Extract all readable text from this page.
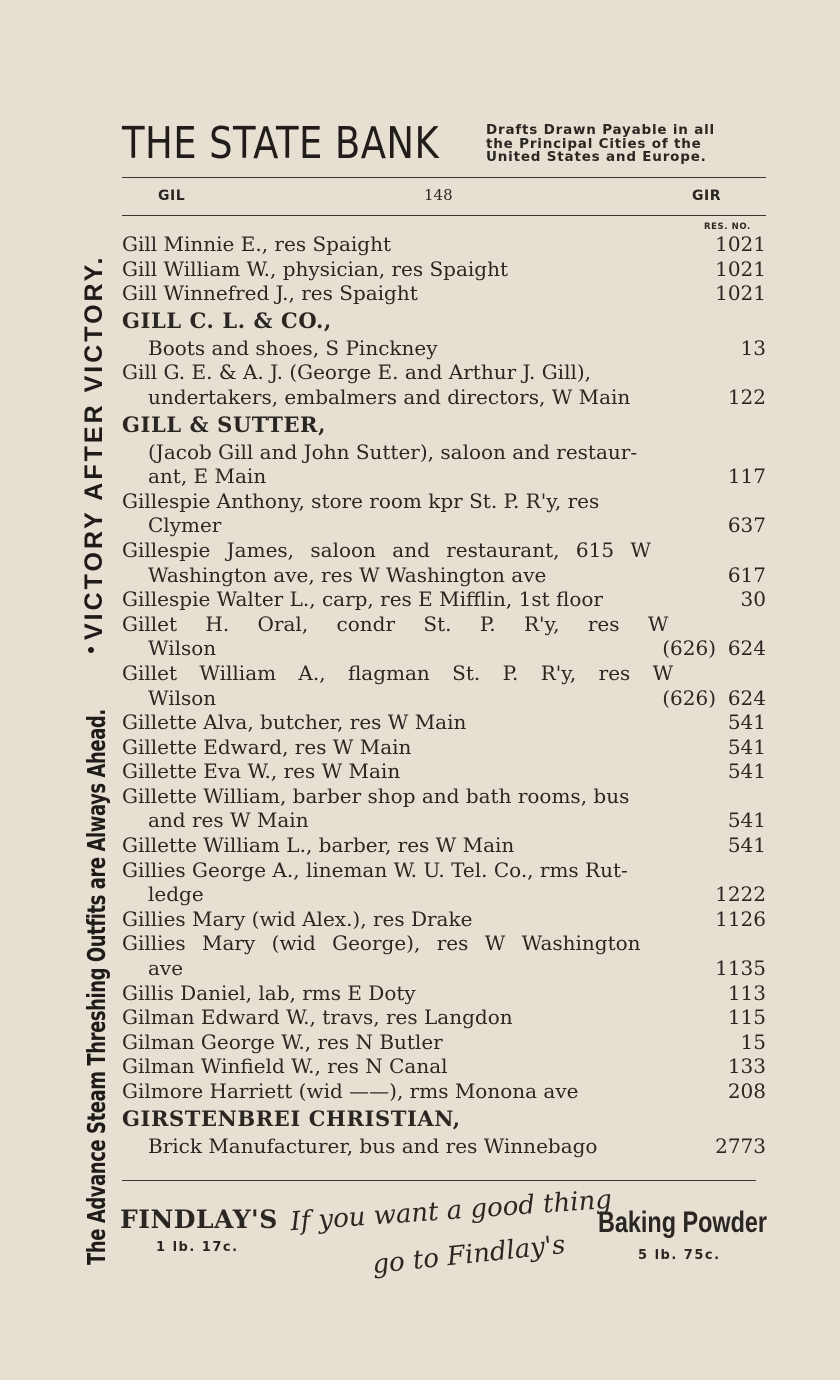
The Advance Steam Threshing Outfits are Always Ahead.
VICTORY AFTER VICTORY.
THE STATE BANK	Drafts Drawn Payable in all
the Principal Cities of the
United States and Europe.
GIL	148	GIR
RES. NO.
Gill Minnie E., res Spaight	1021
Gill William W., physician, res Spaight	1021
Gill Winnefred J., res Spaight	1021
GILL C. L. & CO.,
Boots and shoes, S Pinckney	13
Gill G. E. & A. J. (George E. and Arthur J. Gill),
undertakers, embalmers and directors, W Main	122
GILL & SUTTER,
(Jacob Gill and John Sutter), saloon and restaur-
ant, E Main	117
Gillespie Anthony, store room kpr St. P. R'y, res
Clymer	637
Gillespie James, saloon and restaurant, 615 W
Washington ave, res W Washington ave	617
Gillespie Walter L., carp, res E Mifflin, 1st floor	30
Gillet H. Oral, condr St. P. R'y, res W
Wilson	(626) 624
Gillet William A., flagman St. P. R'y, res W
Wilson	(626) 624
Gillette Alva, butcher, res W Main	541
Gillette Edward, res W Main	541
Gillette Eva W., res W Main	541
Gillette William, barber shop and bath rooms, bus
and res W Main	541
Gillette William L., barber, res W Main	541
Gillies George A., lineman W. U. Tel. Co., rms Rut-
ledge	1222
Gillies Mary (wid Alex.), res Drake	1126
Gillies Mary (wid George), res W Washington
ave	1135
Gillis Daniel, lab, rms E Doty	113
Gilman Edward W., travs, res Langdon	115
Gilman George W., res N Butler	15
Gilman Winfield W., res N Canal	133
Gilmore Harriett (wid ——), rms Monona ave	208
GIRSTENBREI CHRISTIAN,
Brick Manufacturer, bus and res Winnebago	2773
FINDLAY'S
1 lb. 17c.
If you want a good thing
go to Findlay's
Baking Powder
5 lb. 75c.
